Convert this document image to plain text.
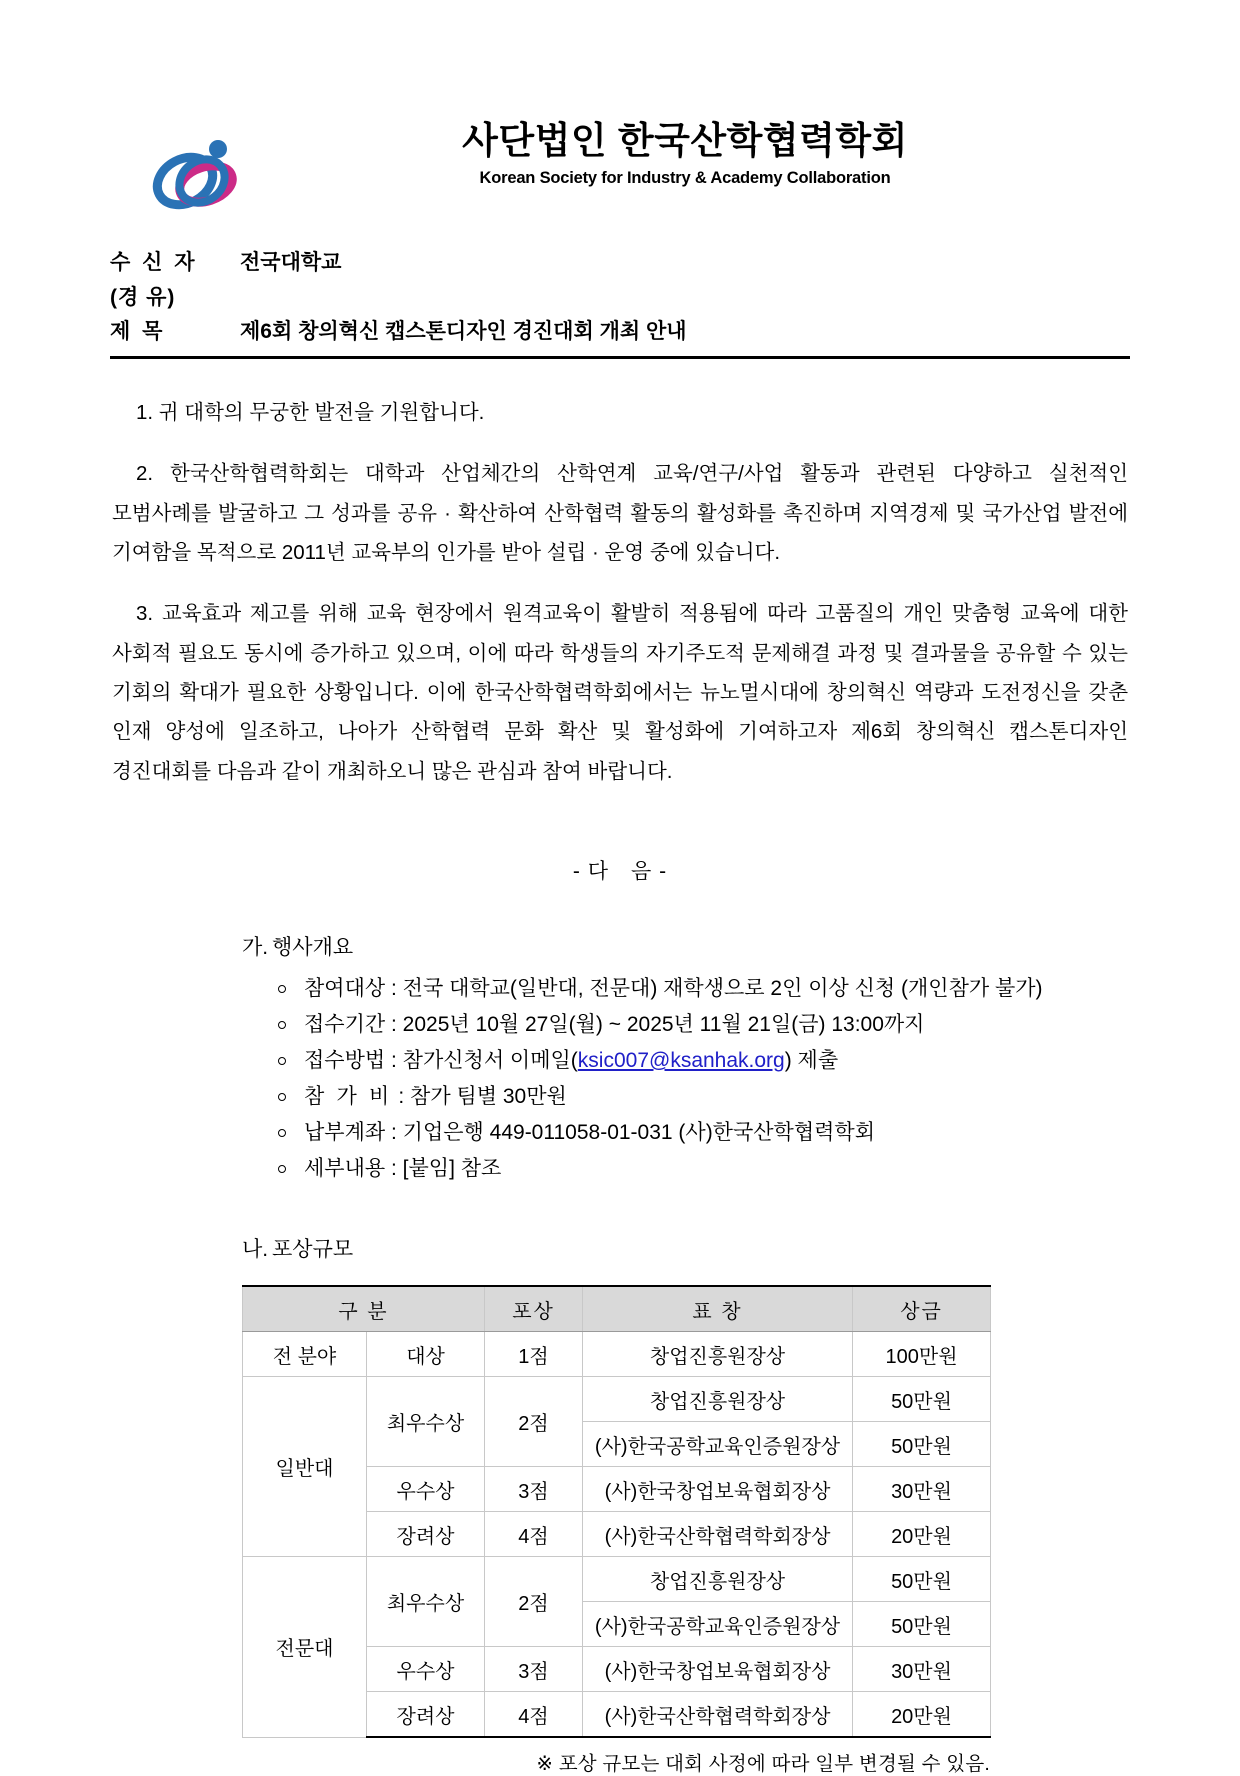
사단법인 한국산학협력학회
Korean Society for Industry & Academy Collaboration
수 신 자	전국대학교
(경 유)
제 목	제6회 창의혁신 캡스톤디자인 경진대회 개최 안내

1. 귀 대학의 무궁한 발전을 기원합니다.

2. 한국산학협력학회는 대학과 산업체간의 산학연계 교육/연구/사업 활동과 관련된 다양하고 실천적인 모범사례를 발굴하고 그 성과를 공유 · 확산하여 산학협력 활동의 활성화를 촉진하며 지역경제 및 국가산업 발전에 기여함을 목적으로 2011년 교육부의 인가를 받아 설립 · 운영 중에 있습니다.

3. 교육효과 제고를 위해 교육 현장에서 원격교육이 활발히 적용됨에 따라 고품질의 개인 맞춤형 교육에 대한 사회적 필요도 동시에 증가하고 있으며, 이에 따라 학생들의 자기주도적 문제해결 과정 및 결과물을 공유할 수 있는 기회의 확대가 필요한 상황입니다. 이에 한국산학협력학회에서는 뉴노멀시대에 창의혁신 역량과 도전정신을 갖춘 인재 양성에 일조하고, 나아가 산학협력 문화 확산 및 활성화에 기여하고자 제6회 창의혁신 캡스톤디자인 경진대회를 다음과 같이 개최하오니 많은 관심과 참여 바랍니다.

- 다 음 -
가. 행사개요
참여대상 : 전국 대학교(일반대, 전문대) 재학생으로 2인 이상 신청 (개인참가 불가)
접수기간 : 2025년 10월 27일(월) ~ 2025년 11월 21일(금) 13:00까지
접수방법 : 참가신청서 이메일(ksic007@ksanhak.org) 제출
참 가 비 : 참가 팀별 30만원
납부계좌 : 기업은행 449-011058-01-031 (사)한국산학협력학회
세부내용 : [붙임] 참조
나. 포상규모
구 분		포상	표 창	상금
전 분야	대상	1점	창업진흥원장상	100만원
일반대	최우수상	2점	창업진흥원장상	50만원
			(사)한국공학교육인증원장상	50만원
	우수상	3점	(사)한국창업보육협회장상	30만원
	장려상	4점	(사)한국산학협력학회장상	20만원
전문대	최우수상	2점	창업진흥원장상	50만원
			(사)한국공학교육인증원장상	50만원
	우수상	3점	(사)한국창업보육협회장상	30만원
	장려상	4점	(사)한국산학협력학회장상	20만원
※ 포상 규모는 대회 사정에 따라 일부 변경될 수 있음.
